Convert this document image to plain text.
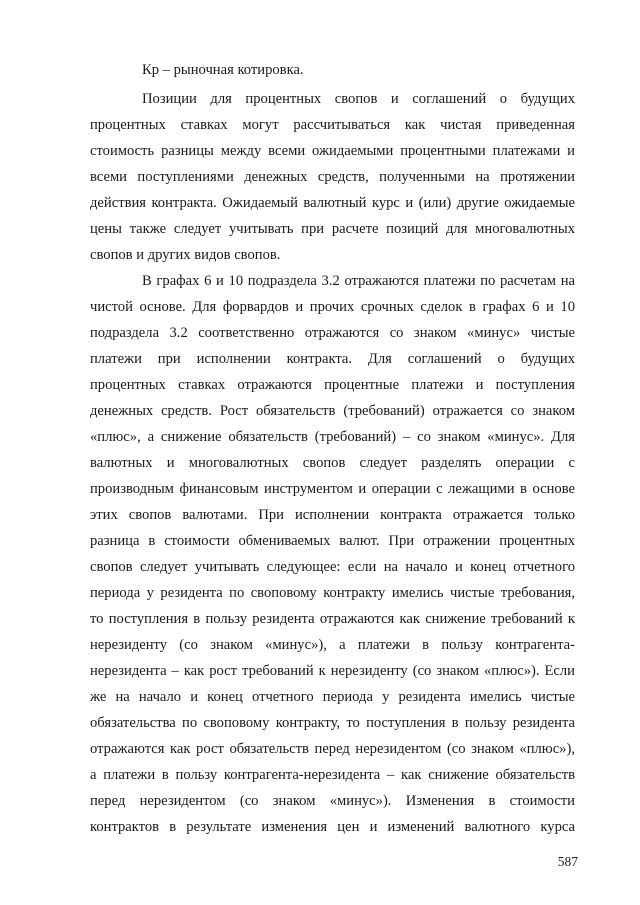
Кр – рыночная котировка.
Позиции для процентных свопов и соглашений о будущих
процентных ставках могут рассчитываться как чистая приведенная
стоимость разницы между всеми ожидаемыми процентными платежами и
всеми поступлениями денежных средств, полученными на протяжении
действия контракта. Ожидаемый валютный курс и (или) другие ожидаемые
цены также следует учитывать при расчете позиций для многовалютных
свопов и других видов свопов.
В графах 6 и 10 подраздела 3.2 отражаются платежи по расчетам на
чистой основе. Для форвардов и прочих срочных сделок в графах 6 и 10
подраздела 3.2 соответственно отражаются со знаком «минус» чистые
платежи при исполнении контракта. Для соглашений о будущих
процентных ставках отражаются процентные платежи и поступления
денежных средств. Рост обязательств (требований) отражается со знаком
«плюс», а снижение обязательств (требований) – со знаком «минус». Для
валютных и многовалютных свопов следует разделять операции с
производным финансовым инструментом и операции с лежащими в основе
этих свопов валютами. При исполнении контракта отражается только
разница в стоимости обмениваемых валют. При отражении процентных
свопов следует учитывать следующее: если на начало и конец отчетного
периода у резидента по своповому контракту имелись чистые требования,
то поступления в пользу резидента отражаются как снижение требований к
нерезиденту (со знаком «минус»), а платежи в пользу контрагента-
нерезидента – как рост требований к нерезиденту (со знаком «плюс»). Если
же на начало и конец отчетного периода у резидента имелись чистые
обязательства по своповому контракту, то поступления в пользу резидента
отражаются как рост обязательств перед нерезидентом (со знаком «плюс»),
а платежи в пользу контрагента-нерезидента – как снижение обязательств
перед нерезидентом (со знаком «минус»). Изменения в стоимости
контрактов в результате изменения цен и изменений валютного курса
587
